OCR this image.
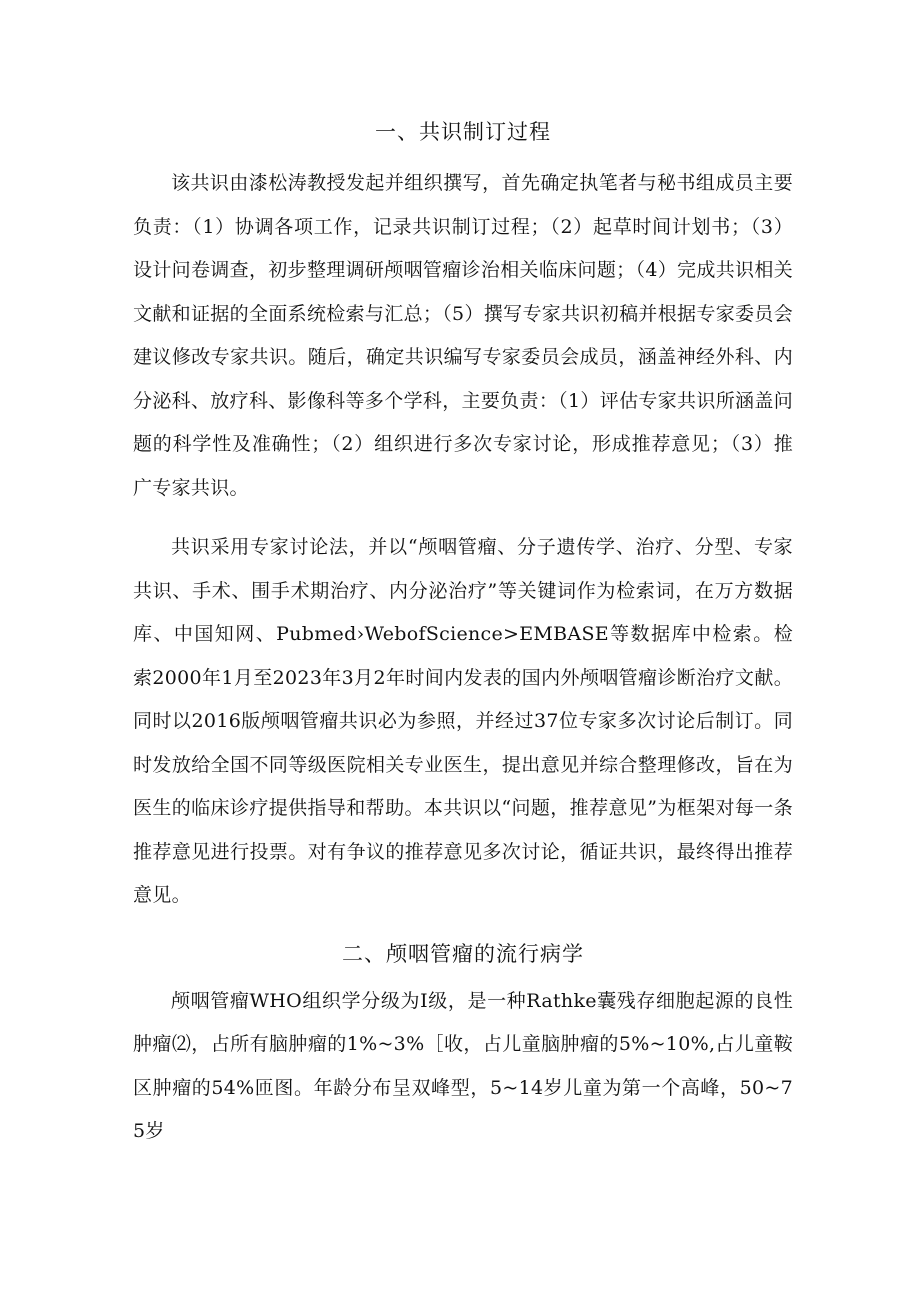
一、共识制订过程

该共识由漆松涛教授发起并组织撰写，首先确定执笔者与秘书组成员主要负责：（1）协调各项工作，记录共识制订过程；（2）起草时间计划书；（3）设计问卷调查，初步整理调研颅咽管瘤诊治相关临床问题；（4）完成共识相关文献和证据的全面系统检索与汇总；（5）撰写专家共识初稿并根据专家委员会建议修改专家共识。随后，确定共识编写专家委员会成员，涵盖神经外科、内分泌科、放疗科、影像科等多个学科，主要负责：（1）评估专家共识所涵盖问题的科学性及准确性；（2）组织进行多次专家讨论，形成推荐意见；（3）推广专家共识。

共识采用专家讨论法，并以“颅咽管瘤、分子遗传学、治疗、分型、专家共识、手术、围手术期治疗、内分泌治疗”等关键词作为检索词，在万方数据库、中国知网、Pubmed›WebofScience>EMBASE等数据库中检索。检索2000年1月至2023年3月2年时间内发表的国内外颅咽管瘤诊断治疗文献。同时以2016版颅咽管瘤共识必为参照，并经过37位专家多次讨论后制订。同时发放给全国不同等级医院相关专业医生，提出意见并综合整理修改，旨在为医生的临床诊疗提供指导和帮助。本共识以“问题，推荐意见”为框架对每一条推荐意见进行投票。对有争议的推荐意见多次讨论，循证共识，最终得出推荐意见。

二、颅咽管瘤的流行病学

颅咽管瘤WHO组织学分级为I级，是一种Rathke囊残存细胞起源的良性肿瘤⑵，占所有脑肿瘤的1%~3%［收，占儿童脑肿瘤的5%~10%,占儿童鞍区肿瘤的54%匝图。年龄分布呈双峰型，5~14岁儿童为第一个高峰，50~75岁
